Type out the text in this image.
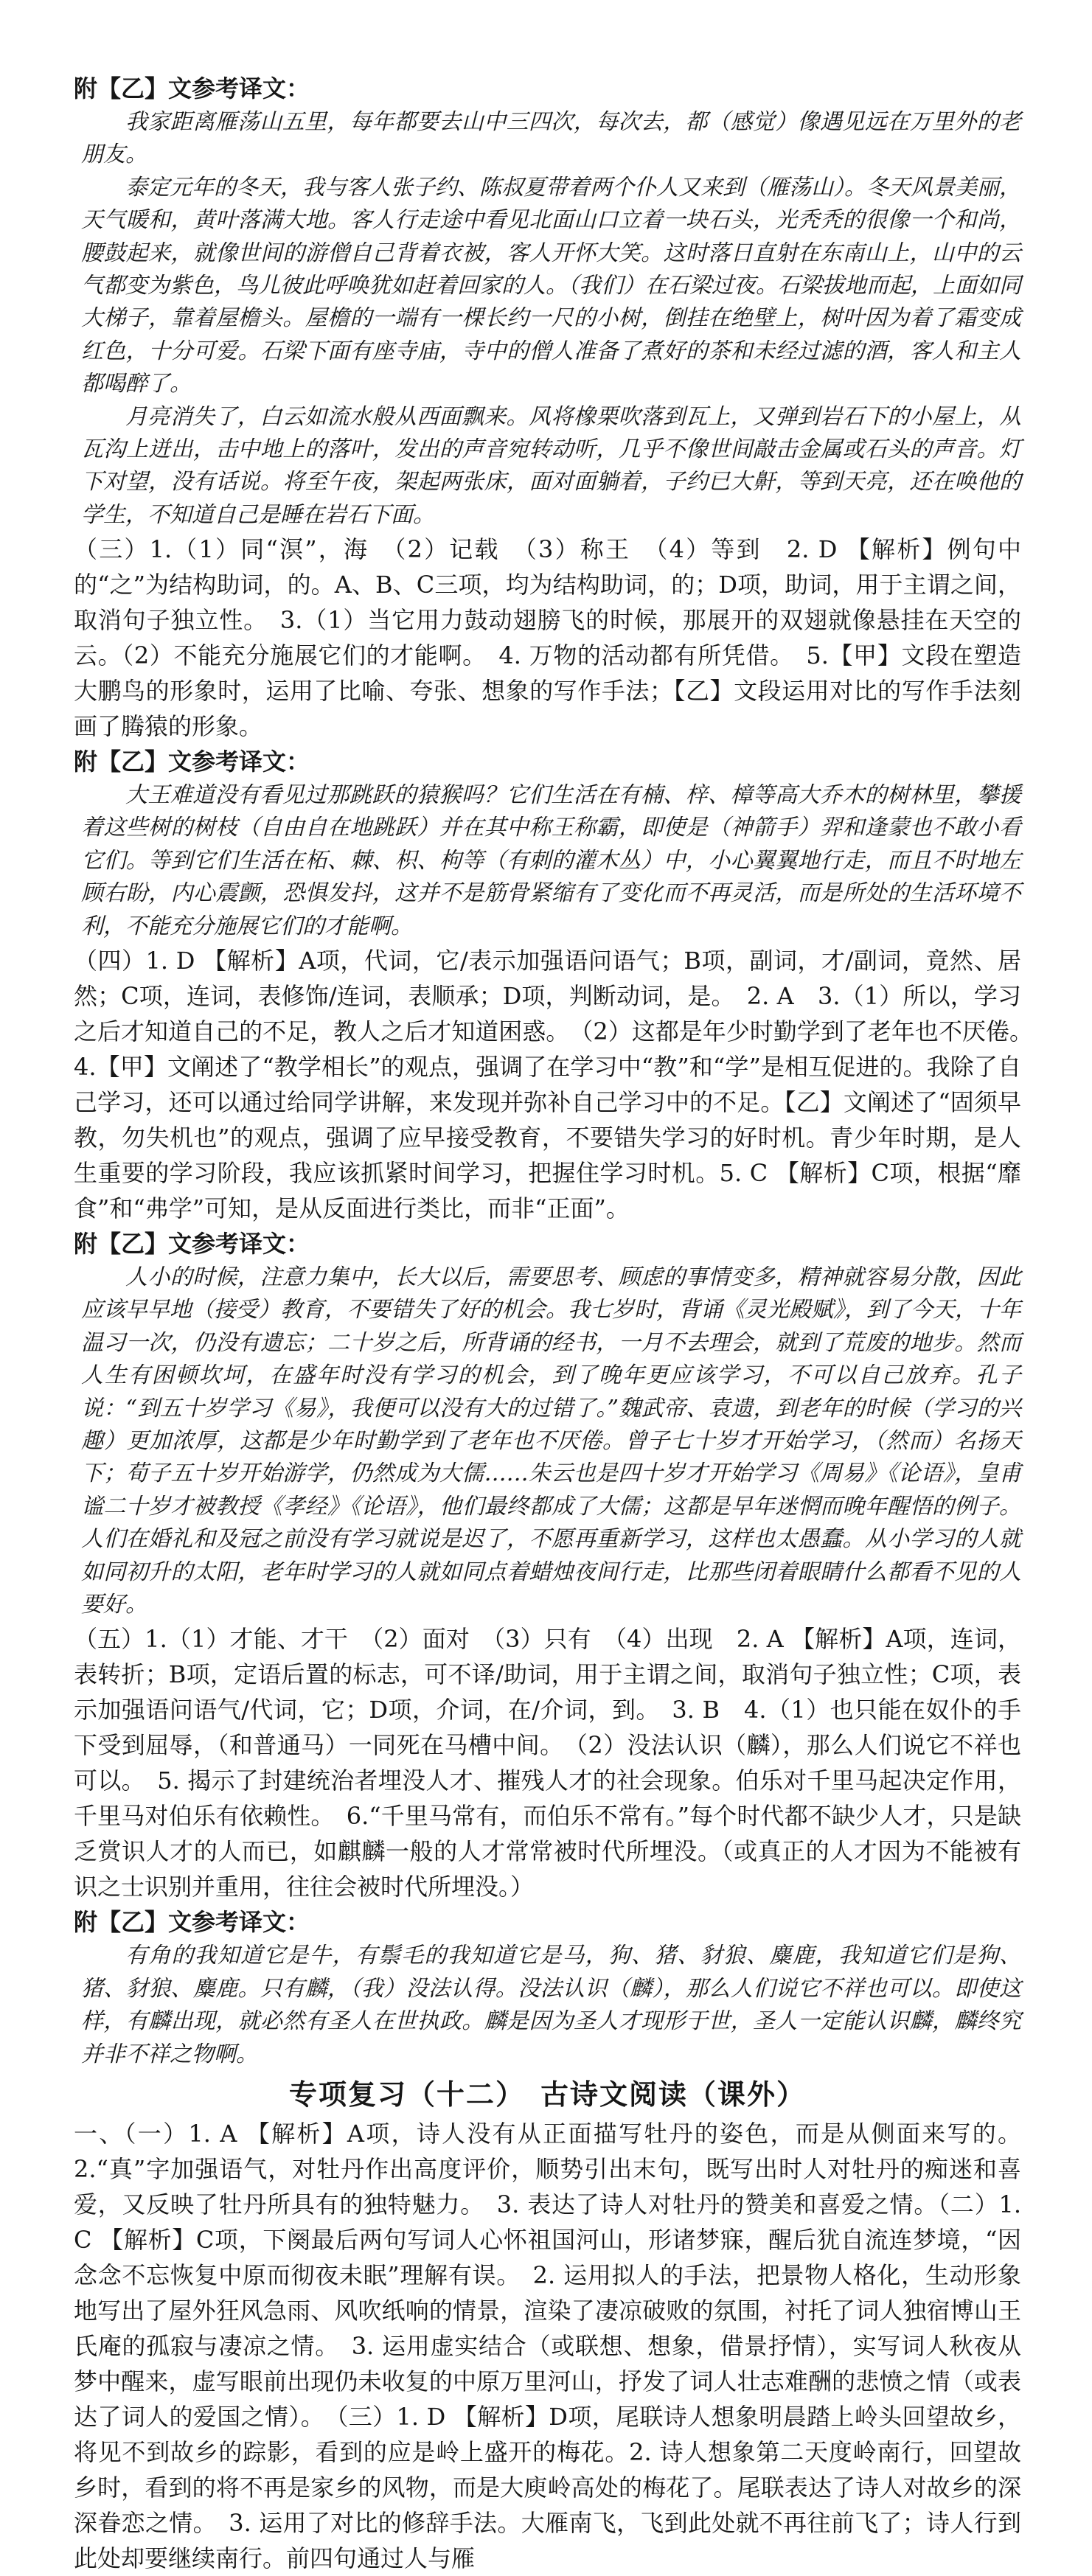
附【乙】文参考译文：

我家距离雁荡山五里，每年都要去山中三四次，每次去，都（感觉）像遇见远在万里外的老朋友。

泰定元年的冬天，我与客人张子约、陈叔夏带着两个仆人又来到（雁荡山）。冬天风景美丽，天气暖和，黄叶落满大地。客人行走途中看见北面山口立着一块石头，光秃秃的很像一个和尚，腰鼓起来，就像世间的游僧自己背着衣被，客人开怀大笑。这时落日直射在东南山上，山中的云气都变为紫色，鸟儿彼此呼唤犹如赶着回家的人。（我们）在石梁过夜。石梁拔地而起，上面如同大梯子，靠着屋檐头。屋檐的一端有一棵长约一尺的小树，倒挂在绝壁上，树叶因为着了霜变成红色，十分可爱。石梁下面有座寺庙，寺中的僧人准备了煮好的茶和未经过滤的酒，客人和主人都喝醉了。

月亮消失了，白云如流水般从西面飘来。风将橡栗吹落到瓦上，又弹到岩石下的小屋上，从瓦沟上迸出，击中地上的落叶，发出的声音宛转动听，几乎不像世间敲击金属或石头的声音。灯下对望，没有话说。将至午夜，架起两张床，面对面躺着，子约已大鼾，等到天亮，还在唤他的学生，不知道自己是睡在岩石下面。

（三）1.（1）同“溟”，海　（2）记载　（3）称王　（4）等到　2. D 【解析】例句中的“之”为结构助词，的。A、B、C三项，均为结构助词，的；D项，助词，用于主谓之间，取消句子独立性。　3.（1）当它用力鼓动翅膀飞的时候，那展开的双翅就像悬挂在天空的云。（2）不能充分施展它们的才能啊。　4. 万物的活动都有所凭借。　5.【甲】文段在塑造大鹏鸟的形象时，运用了比喻、夸张、想象的写作手法；【乙】文段运用对比的写作手法刻画了腾猿的形象。

附【乙】文参考译文：

大王难道没有看见过那跳跃的猿猴吗？它们生活在有楠、梓、樟等高大乔木的树林里，攀援着这些树的树枝（自由自在地跳跃）并在其中称王称霸，即使是（神箭手）羿和逢蒙也不敢小看它们。等到它们生活在柘、棘、枳、枸等（有刺的灌木丛）中，小心翼翼地行走，而且不时地左顾右盼，内心震颤，恐惧发抖，这并不是筋骨紧缩有了变化而不再灵活，而是所处的生活环境不利，不能充分施展它们的才能啊。

（四）1. D 【解析】A项，代词，它/表示加强语问语气；B项，副词，才/副词，竟然、居然；C项，连词，表修饰/连词，表顺承；D项，判断动词，是。　2. A　3.（1）所以，学习之后才知道自己的不足，教人之后才知道困惑。　（2）这都是年少时勤学到了老年也不厌倦。　4.【甲】文阐述了“教学相长”的观点，强调了在学习中“教”和“学”是相互促进的。我除了自己学习，还可以通过给同学讲解，来发现并弥补自己学习中的不足。【乙】文阐述了“固须早教，勿失机也”的观点，强调了应早接受教育，不要错失学习的好时机。青少年时期，是人生重要的学习阶段，我应该抓紧时间学习，把握住学习时机。5. C 【解析】C项，根据“靡食”和“弗学”可知，是从反面进行类比，而非“正面”。

附【乙】文参考译文：

人小的时候，注意力集中，长大以后，需要思考、顾虑的事情变多，精神就容易分散，因此应该早早地（接受）教育，不要错失了好的机会。我七岁时，背诵《灵光殿赋》，到了今天，十年温习一次，仍没有遗忘；二十岁之后，所背诵的经书，一月不去理会，就到了荒废的地步。然而人生有困顿坎坷，在盛年时没有学习的机会，到了晚年更应该学习，不可以自己放弃。孔子说：“到五十岁学习《易》，我便可以没有大的过错了。”魏武帝、袁遗，到老年的时候（学习的兴趣）更加浓厚，这都是少年时勤学到了老年也不厌倦。曾子七十岁才开始学习，（然而）名扬天下；荀子五十岁开始游学，仍然成为大儒……朱云也是四十岁才开始学习《周易》《论语》，皇甫谧二十岁才被教授《孝经》《论语》，他们最终都成了大儒；这都是早年迷惘而晚年醒悟的例子。人们在婚礼和及冠之前没有学习就说是迟了，不愿再重新学习，这样也太愚蠢。从小学习的人就如同初升的太阳，老年时学习的人就如同点着蜡烛夜间行走，比那些闭着眼睛什么都看不见的人要好。

（五）1.（1）才能、才干　（2）面对　（3）只有　（4）出现　2. A 【解析】A项，连词，表转折；B项，定语后置的标志，可不译/助词，用于主谓之间，取消句子独立性；C项，表示加强语问语气/代词，它；D项，介词，在/介词，到。　3. B　4.（1）也只能在奴仆的手下受到屈辱，（和普通马）一同死在马槽中间。　（2）没法认识（麟），那么人们说它不祥也可以。　5. 揭示了封建统治者埋没人才、摧残人才的社会现象。伯乐对千里马起决定作用，千里马对伯乐有依赖性。　6.“千里马常有，而伯乐不常有。”每个时代都不缺少人才，只是缺乏赏识人才的人而已，如麒麟一般的人才常常被时代所埋没。（或真正的人才因为不能被有识之士识别并重用，往往会被时代所埋没。）

附【乙】文参考译文：

有角的我知道它是牛，有鬃毛的我知道它是马，狗、猪、豺狼、麋鹿，我知道它们是狗、猪、豺狼、麋鹿。只有麟，（我）没法认得。没法认识（麟），那么人们说它不祥也可以。即使这样，有麟出现，就必然有圣人在世执政。麟是因为圣人才现形于世，圣人一定能认识麟，麟终究并非不祥之物啊。

专项复习（十二）　古诗文阅读（课外）

一、（一）1. A 【解析】A项，诗人没有从正面描写牡丹的姿色，而是从侧面来写的。2.“真”字加强语气，对牡丹作出高度评价，顺势引出末句，既写出时人对牡丹的痴迷和喜爱，又反映了牡丹所具有的独特魅力。　3. 表达了诗人对牡丹的赞美和喜爱之情。（二）1. C 【解析】C项，下阕最后两句写词人心怀祖国河山，形诸梦寐，醒后犹自流连梦境，“因念念不忘恢复中原而彻夜未眠”理解有误。　2. 运用拟人的手法，把景物人格化，生动形象地写出了屋外狂风急雨、风吹纸响的情景，渲染了凄凉破败的氛围，衬托了词人独宿博山王氏庵的孤寂与凄凉之情。　3. 运用虚实结合（或联想、想象，借景抒情），实写词人秋夜从梦中醒来，虚写眼前出现仍未收复的中原万里河山，抒发了词人壮志难酬的悲愤之情（或表达了词人的爱国之情）。　（三）1. D 【解析】D项，尾联诗人想象明晨踏上岭头回望故乡，将见不到故乡的踪影，看到的应是岭上盛开的梅花。2. 诗人想象第二天度岭南行，回望故乡时，看到的将不再是家乡的风物，而是大庾岭高处的梅花了。尾联表达了诗人对故乡的深深眷恋之情。　3. 运用了对比的修辞手法。大雁南飞，飞到此处就不再往前飞了；诗人行到此处却要继续南行。前四句通过人与雁
